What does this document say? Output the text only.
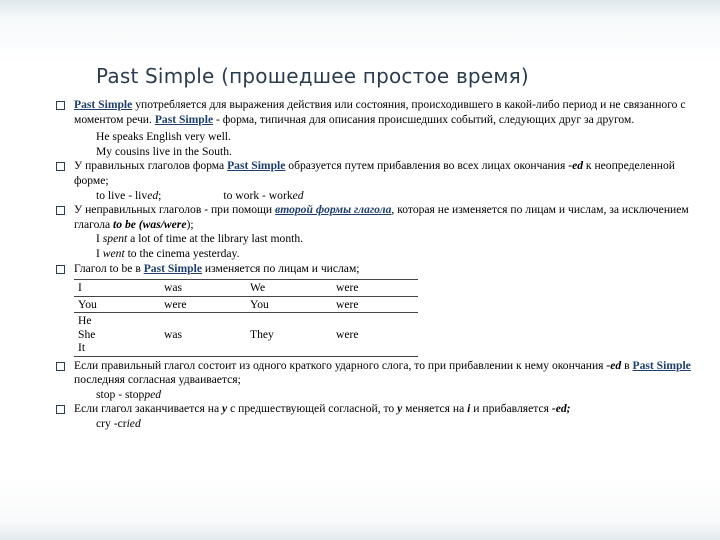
Past Simple (прошедшее простое время)
Past Simple употребляется для выражения действия или состояния, происходившего в какой-либо период и не связанного с моментом речи. Past Simple - форма, типичная для описания происшедших событий, следующих друг за другом.
He speaks English very well.
My cousins live in the South.
У правильных глаголов форма Past Simple образуется путем прибавления во всех лицах окончания -ed к неопределенной форме;
to live - lived;	to work - worked
У неправильных глаголов - при помощи второй формы глагола, которая не изменяется по лицам и числам, за исключением глагола to be (was/were);
I spent a lot of time at the library last month.
I went to the cinema yesterday.
Глагол to be в Past Simple изменяется по лицам и числам;
I	was	We	were
You	were	You	were

He
She
It	was	They	were
Если правильный глагол состоит из одного краткого ударного слога, то при прибавлении к нему окончания -ed в Past Simple последняя согласная удваивается;
stop - stopped
Если глагол заканчивается на y с предшествующей согласной, то y меняется на i и прибавляется -ed;
cry -cried
